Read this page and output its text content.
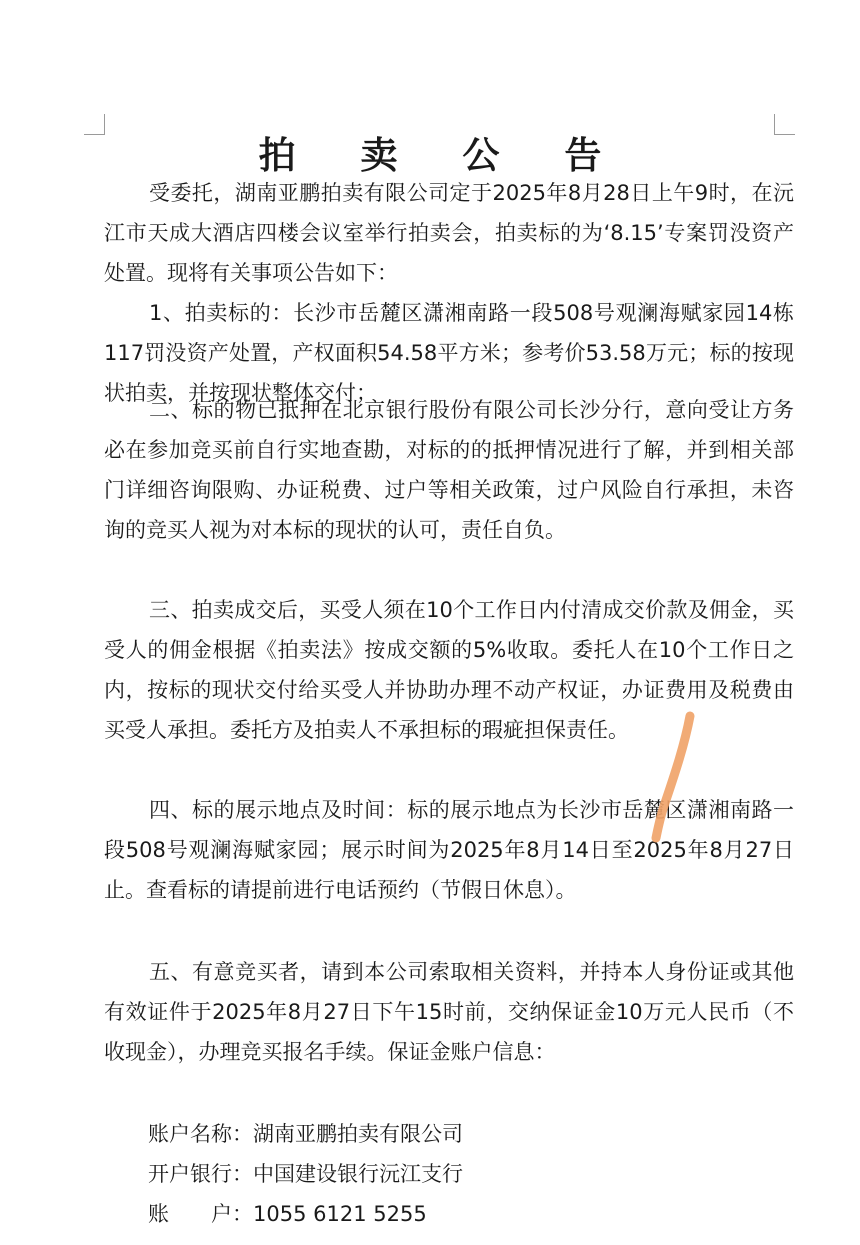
拍 卖 公 告
受委托，湖南亚鹏拍卖有限公司定于2025年8月28日上午9时，在沅江市天成大酒店四楼会议室举行拍卖会，拍卖标的为‘8.15’专案罚没资产处置。现将有关事项公告如下：
1、拍卖标的：长沙市岳麓区潇湘南路一段508号观澜海赋家园14栋117罚没资产处置，产权面积54.58平方米；参考价53.58万元；标的按现状拍卖，并按现状整体交付；
二、标的物已抵押在北京银行股份有限公司长沙分行，意向受让方务必在参加竞买前自行实地查勘，对标的的抵押情况进行了解，并到相关部门详细咨询限购、办证税费、过户等相关政策，过户风险自行承担，未咨询的竞买人视为对本标的现状的认可，责任自负。
三、拍卖成交后，买受人须在10个工作日内付清成交价款及佣金，买受人的佣金根据《拍卖法》按成交额的5%收取。委托人在10个工作日之内，按标的现状交付给买受人并协助办理不动产权证，办证费用及税费由买受人承担。委托方及拍卖人不承担标的瑕疵担保责任。
四、标的展示地点及时间：标的展示地点为长沙市岳麓区潇湘南路一段508号观澜海赋家园；展示时间为2025年8月14日至2025年8月27日止。查看标的请提前进行电话预约（节假日休息）。
五、有意竞买者，请到本公司索取相关资料，并持本人身份证或其他有效证件于2025年8月27日下午15时前，交纳保证金10万元人民币（不收现金），办理竞买报名手续。保证金账户信息：
账户名称：湖南亚鹏拍卖有限公司
开户银行：中国建设银行沅江支行
账　　户：1055 6121 5255
